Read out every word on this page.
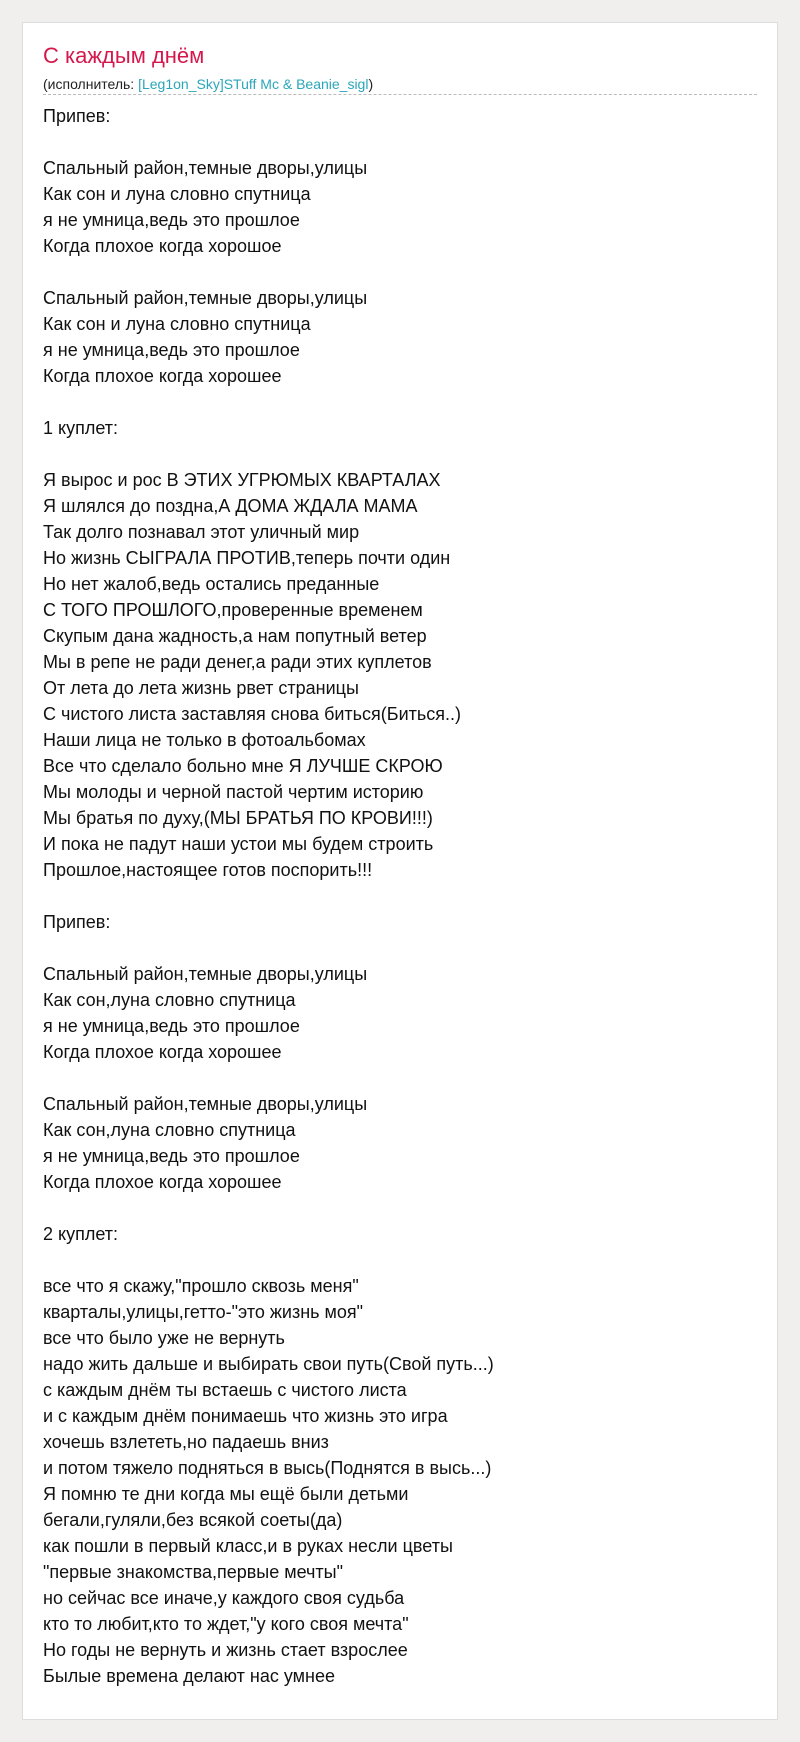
С каждым днём
(исполнитель: [Leg1on_Sky]STuff Mc & Beanie_sigl)
Припев:
Спальный район,темные дворы,улицы
Как сон и луна словно спутница
я не умница,ведь это прошлое
Когда плохое когда хорошое
Спальный район,темные дворы,улицы
Как сон и луна словно спутница
я не умница,ведь это прошлое
Когда плохое когда хорошее
1 куплет:
Я вырос и рос В ЭТИХ УГРЮМЫХ КВАРТАЛАХ
Я шлялся до поздна,А ДОМА ЖДАЛА МАМА
Так долго познавал этот уличный мир
Но жизнь СЫГРАЛА ПРОТИВ,теперь почти один
Но нет жалоб,ведь остались преданные
С ТОГО ПРОШЛОГО,проверенные временем
Скупым дана жадность,а нам попутный ветер
Мы в репе не ради денег,а ради этих куплетов
От лета до лета жизнь рвет страницы
С чистого листа заставляя снова биться(Биться..)
Наши лица не только в фотоальбомах
Все что сделало больно мне Я ЛУЧШЕ СКРОЮ
Мы молоды и черной пастой чертим историю
Мы братья по духу,(МЫ БРАТЬЯ ПО КРОВИ!!!)
И пока не падут наши устои мы будем строить
Прошлое,настоящее готов поспорить!!!
Припев:
Спальный район,темные дворы,улицы
Как сон,луна словно спутница
я не умница,ведь это прошлое
Когда плохое когда хорошее
Спальный район,темные дворы,улицы
Как сон,луна словно спутница
я не умница,ведь это прошлое
Когда плохое когда хорошее
2 куплет:
все что я скажу,"прошло сквозь меня"
кварталы,улицы,гетто-"это жизнь моя"
все что было уже не вернуть
надо жить дальше и выбирать свои путь(Свой путь...)
с каждым днём ты встаешь с чистого листа
и с каждым днём понимаешь что жизнь это игра
хочешь взлететь,но падаешь вниз
и потом тяжело подняться в высь(Поднятся в высь...)
Я помню те дни когда мы ещё были детьми
бегали,гуляли,без всякой соеты(да)
как пошли в первый класс,и в руках несли цветы
"первые знакомства,первые мечты"
но сейчас все иначе,у каждого своя судьба
кто то любит,кто то ждет,"у кого своя мечта"
Но годы не вернуть и жизнь стает взрослее
Былые времена делают нас умнее
